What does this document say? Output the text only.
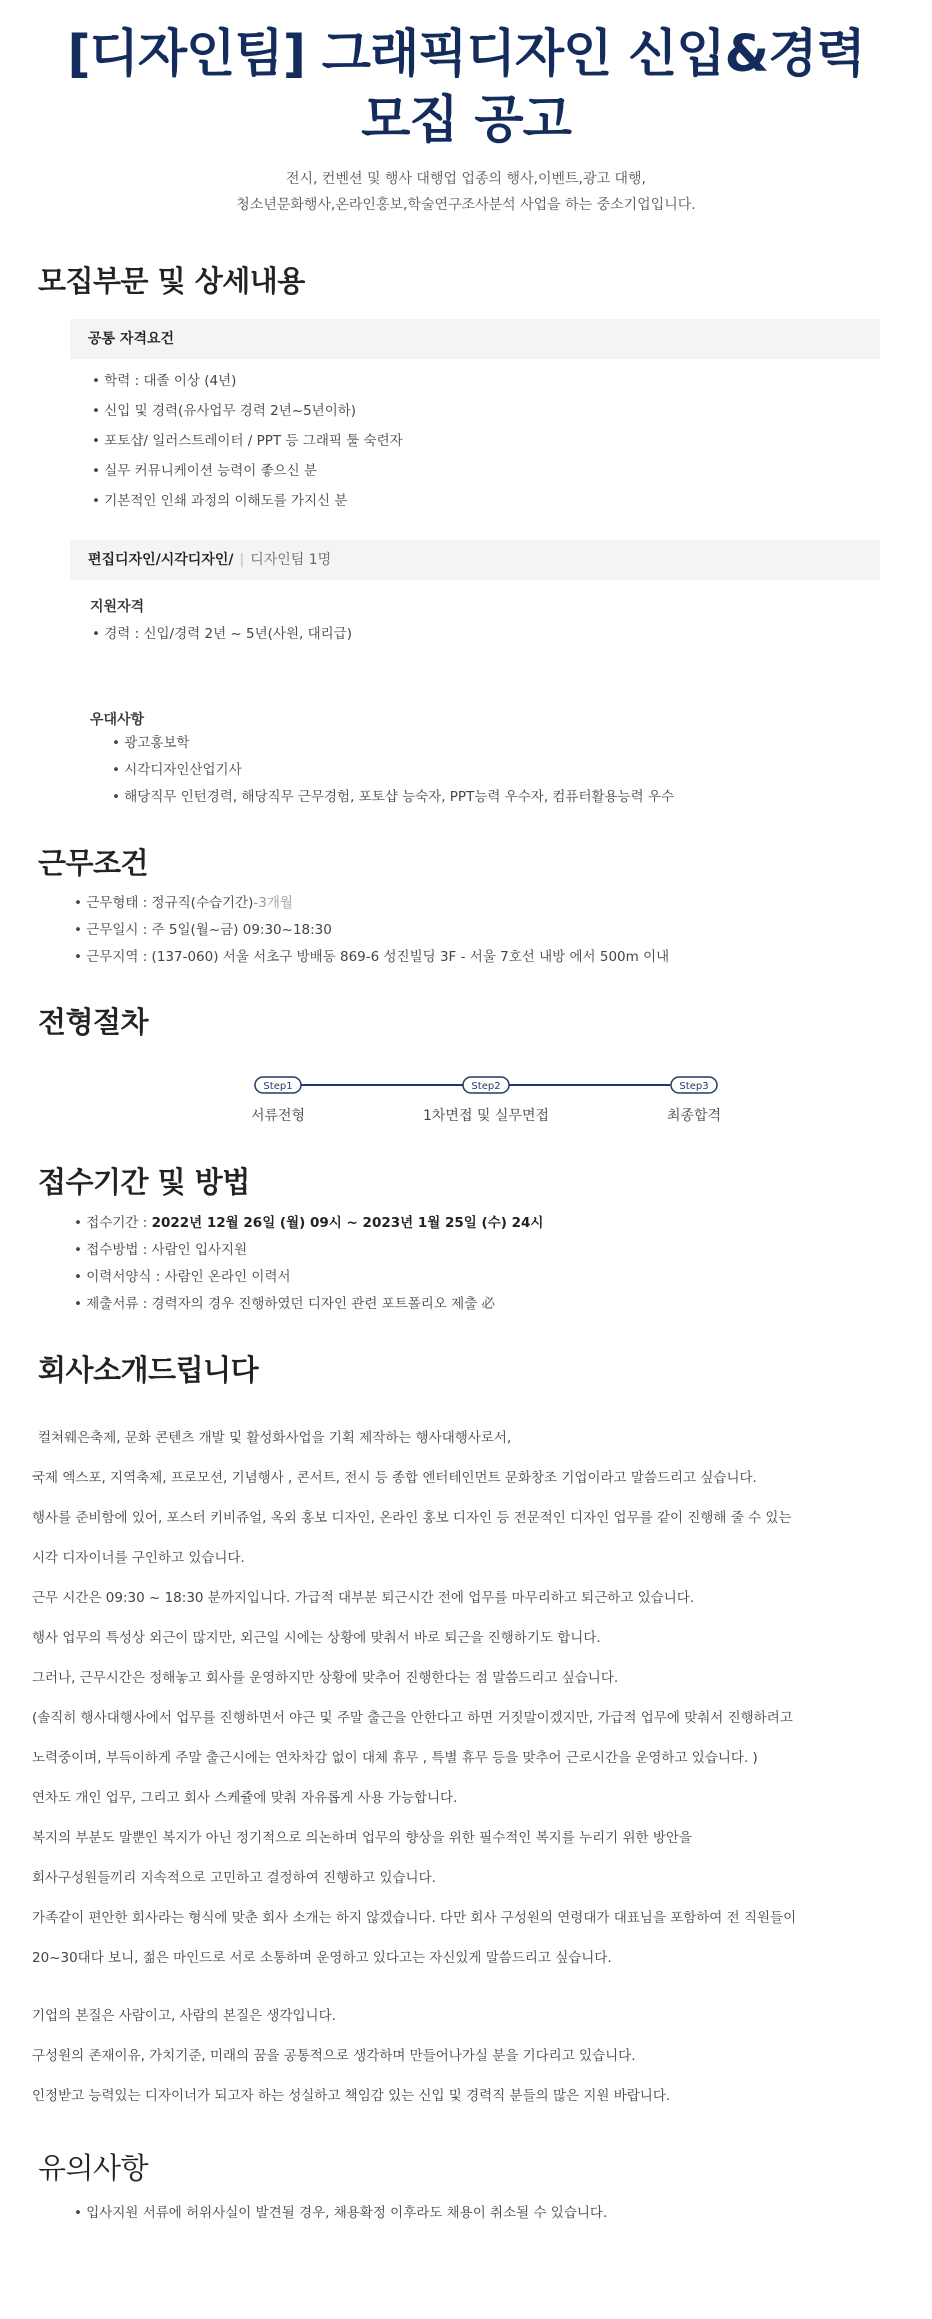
[디자인팀] 그래픽디자인 신입&경력 모집 공고
전시, 컨벤션 및 행사 대행업 업종의 행사,이벤트,광고 대행,
청소년문화행사,온라인홍보,학술연구조사분석 사업을 하는 중소기업입니다.
모집부문 및 상세내용
공통 자격요건
• 학력 : 대졸 이상 (4년)
• 신입 및 경력(유사업무 경력 2년~5년이하)
• 포토샵/ 일러스트레이터 / PPT 등 그래픽 툴 숙련자
• 실무 커뮤니케이션 능력이 좋으신 분
• 기본적인 인쇄 과정의 이해도를 가지신 분
편집디자인/시각디자인/ | 디자인팀 1명
지원자격
• 경력 : 신입/경력 2년 ~ 5년(사원, 대리급)
우대사항
• 광고홍보학
• 시각디자인산업기사
• 해당직무 인턴경력, 해당직무 근무경험, 포토샵 능숙자, PPT능력 우수자, 컴퓨터활용능력 우수
근무조건
• 근무형태 : 정규직(수습기간)-3개월
• 근무일시 : 주 5일(월~금) 09:30~18:30
• 근무지역 : (137-060) 서울 서초구 방배동 869-6 성진빌딩 3F - 서울 7호선 내방 에서 500m 이내
전형절차
Step1	Step2	Step3
서류전형	1차면접 및 실무면접	최종합격
접수기간 및 방법
• 접수기간 : 2022년 12월 26일 (월) 09시 ~ 2023년 1월 25일 (수) 24시
• 접수방법 : 사람인 입사지원
• 이력서양식 : 사람인 온라인 이력서
• 제출서류 : 경력자의 경우 진행하였던 디자인 관련 포트폴리오 제출 必
회사소개드립니다

컬쳐웨은축제, 문화 콘텐츠 개발 및 활성화사업을 기획 제작하는 행사대행사로서,

국제 엑스포, 지역축제, 프로모션, 기념행사 , 콘서트, 전시 등 종합 엔터테인먼트 문화창조 기업이라고 말씀드리고 싶습니다.

행사를 준비함에 있어, 포스터 키비쥬얼, 옥외 홍보 디자인, 온라인 홍보 디자인 등 전문적인 디자인 업무를 같이 진행해 줄 수 있는

시각 디자이너를 구인하고 있습니다.

근무 시간은 09:30 ~ 18:30 분까지입니다. 가급적 대부분 퇴근시간 전에 업무를 마무리하고 퇴근하고 있습니다.

행사 업무의 특성상 외근이 많지만, 외근일 시에는 상황에 맞춰서 바로 퇴근을 진행하기도 합니다.

그러나, 근무시간은 정해놓고 회사를 운영하지만 상황에 맞추어 진행한다는 점 말씀드리고 싶습니다.

(솔직히 행사대행사에서 업무를 진행하면서 야근 및 주말 출근을 안한다고 하면 거짓말이겠지만, 가급적 업무에 맞춰서 진행하려고

노력중이며, 부득이하게 주말 출근시에는 연차차감 없이 대체 휴무 , 특별 휴무 등을 맞추어 근로시간을 운영하고 있습니다. )

연차도 개인 업무, 그리고 회사 스케쥴에 맞춰 자유롭게 사용 가능합니다.

복지의 부분도 말뿐인 복지가 아닌 정기적으로 의논하며 업무의 향상을 위한 필수적인 복지를 누리기 위한 방안을

회사구성원들끼리 지속적으로 고민하고 결정하여 진행하고 있습니다.

가족같이 편안한 회사라는 형식에 맞춘 회사 소개는 하지 않겠습니다. 다만 회사 구성원의 연령대가 대표님을 포함하여 전 직원들이

20~30대다 보니, 젊은 마인드로 서로 소통하며 운영하고 있다고는 자신있게 말씀드리고 싶습니다.

기업의 본질은 사람이고, 사람의 본질은 생각입니다.

구성원의 존재이유, 가치기준, 미래의 꿈을 공통적으로 생각하며 만들어나가실 분을 기다리고 있습니다.

인정받고 능력있는 디자이너가 되고자 하는 성실하고 책임감 있는 신입 및 경력직 분들의 많은 지원 바랍니다.

유의사항
• 입사지원 서류에 허위사실이 발견될 경우, 채용확정 이후라도 채용이 취소될 수 있습니다.
